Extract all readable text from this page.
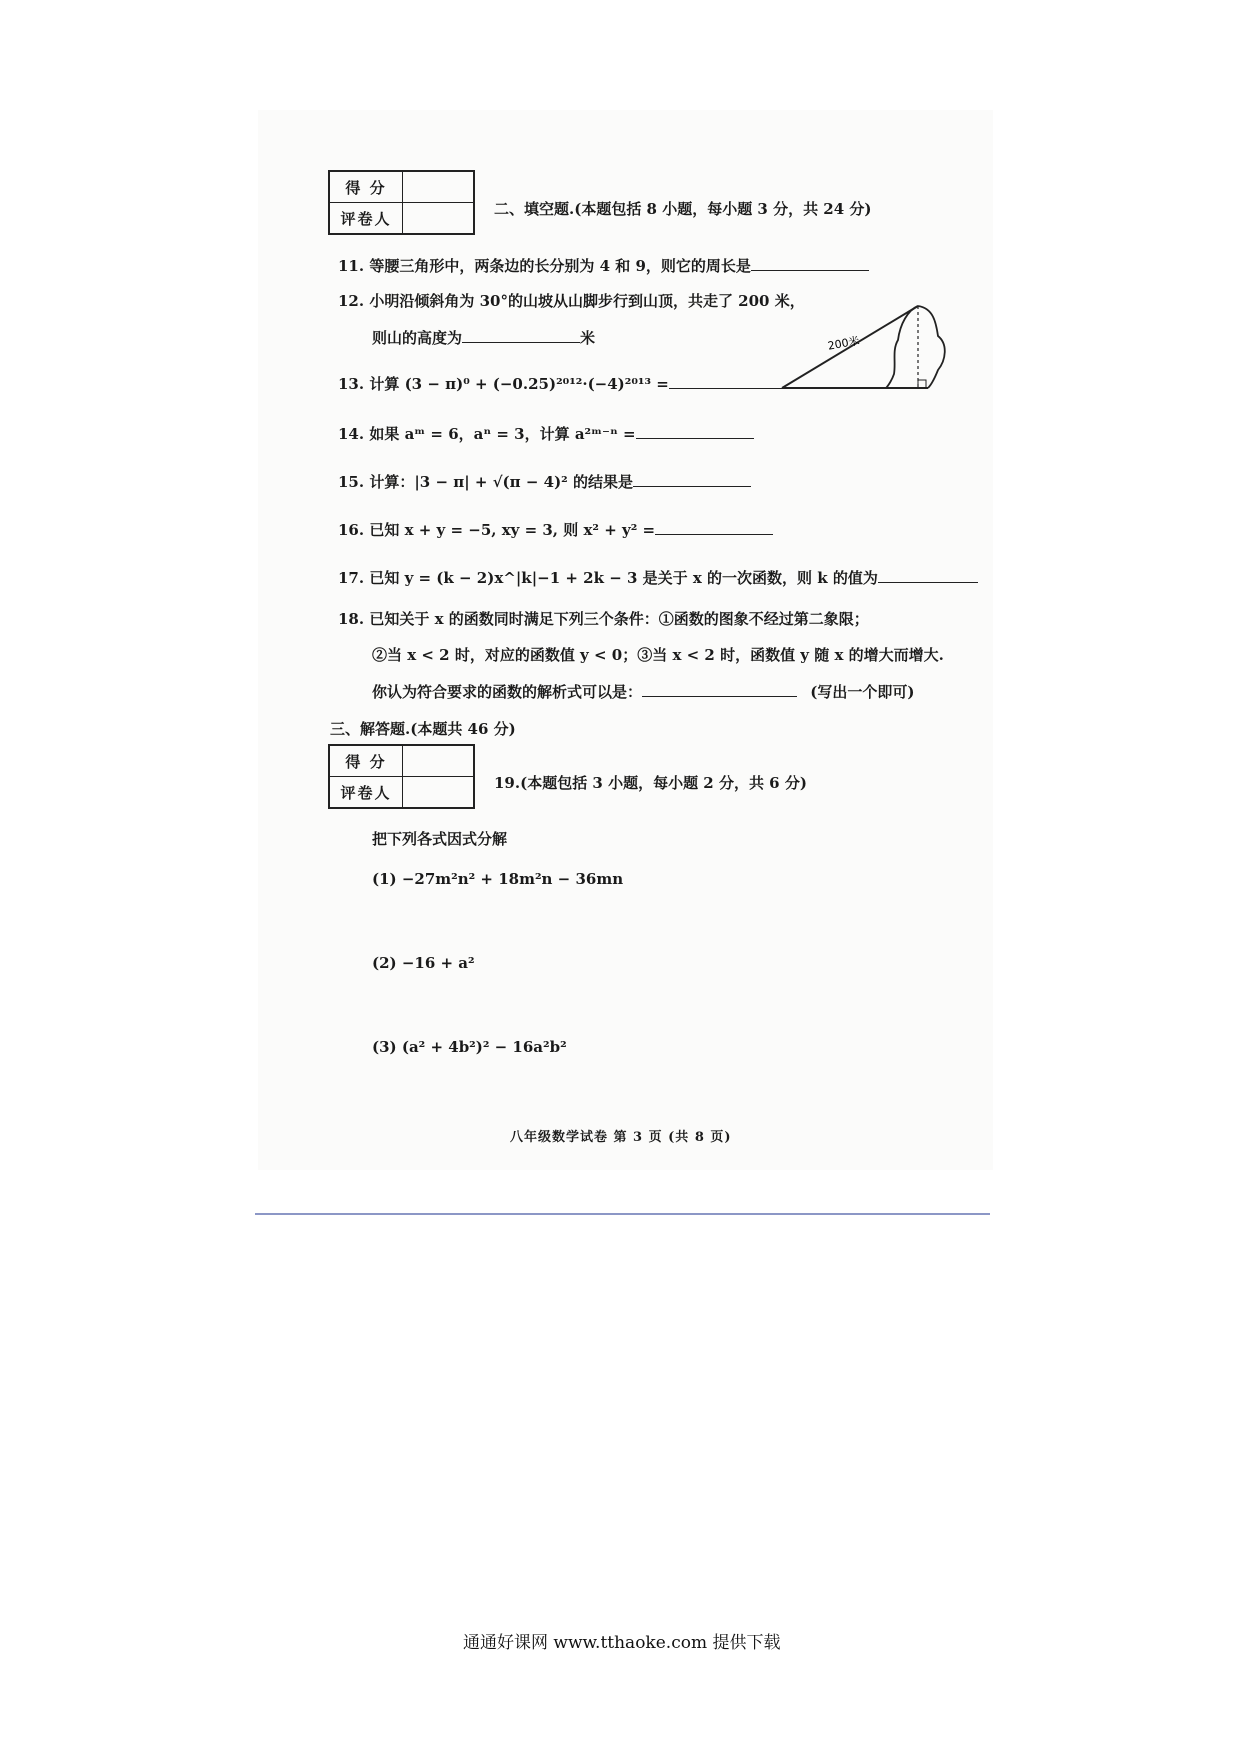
得 分	
评卷人	
二、填空题.(本题包括 8 小题，每小题 3 分，共 24 分)
11. 等腰三角形中，两条边的长分别为 4 和 9，则它的周长是
12. 小明沿倾斜角为 30°的山坡从山脚步行到山顶，共走了 200 米，
则山的高度为	米	200米
13. 计算 (3 − π)⁰ + (−0.25)²⁰¹²·(−4)²⁰¹³ =
14. 如果 aᵐ = 6，aⁿ = 3，计算 a²ᵐ⁻ⁿ =
15. 计算：|3 − π| + √(π − 4)² 的结果是
16. 已知 x + y = −5, xy = 3, 则 x² + y² =
17. 已知 y = (k − 2)x^|k|−1 + 2k − 3 是关于 x 的一次函数，则 k 的值为
18. 已知关于 x 的函数同时满足下列三个条件：①函数的图象不经过第二象限；
②当 x < 2 时，对应的函数值 y < 0；③当 x < 2 时，函数值 y 随 x 的增大而增大.
你认为符合要求的函数的解析式可以是：	(写出一个即可)
三、解答题.(本题共 46 分)
得 分	
评卷人	
19.(本题包括 3 小题，每小题 2 分，共 6 分)
把下列各式因式分解
(1) −27m²n² + 18m²n − 36mn
(2) −16 + a²
(3) (a² + 4b²)² − 16a²b²
八年级数学试卷 第 3 页 (共 8 页)
通通好课网 www.tthaoke.com 提供下载
